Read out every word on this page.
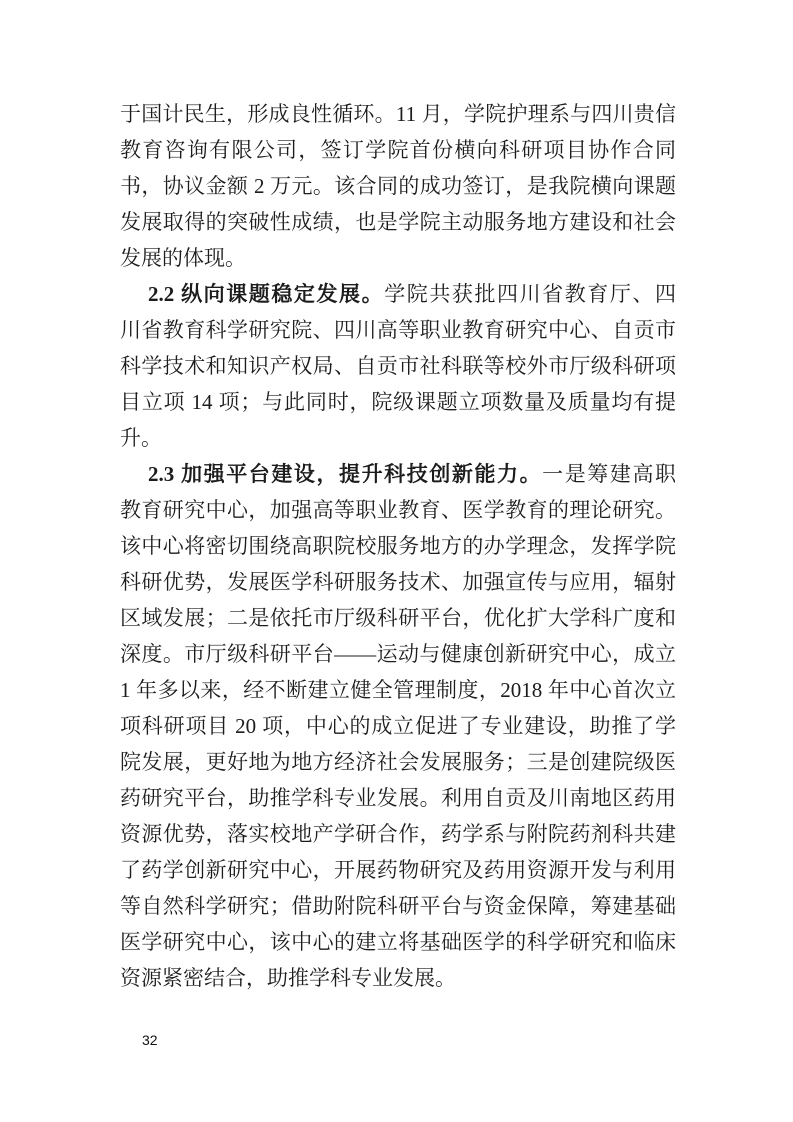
于国计民生，形成良性循环。11 月，学院护理系与四川贵信
教育咨询有限公司，签订学院首份横向科研项目协作合同
书，协议金额 2 万元。该合同的成功签订，是我院横向课题
发展取得的突破性成绩，也是学院主动服务地方建设和社会
发展的体现。
2.2 纵向课题稳定发展。学院共获批四川省教育厅、四
川省教育科学研究院、四川高等职业教育研究中心、自贡市
科学技术和知识产权局、自贡市社科联等校外市厅级科研项
目立项 14 项；与此同时，院级课题立项数量及质量均有提
升。
2.3 加强平台建设，提升科技创新能力。一是筹建高职
教育研究中心，加强高等职业教育、医学教育的理论研究。
该中心将密切围绕高职院校服务地方的办学理念，发挥学院
科研优势，发展医学科研服务技术、加强宣传与应用，辐射
区域发展；二是依托市厅级科研平台，优化扩大学科广度和
深度。市厅级科研平台——运动与健康创新研究中心，成立
1 年多以来，经不断建立健全管理制度，2018 年中心首次立
项科研项目 20 项，中心的成立促进了专业建设，助推了学
院发展，更好地为地方经济社会发展服务；三是创建院级医
药研究平台，助推学科专业发展。利用自贡及川南地区药用
资源优势，落实校地产学研合作，药学系与附院药剂科共建
了药学创新研究中心，开展药物研究及药用资源开发与利用
等自然科学研究；借助附院科研平台与资金保障，筹建基础
医学研究中心，该中心的建立将基础医学的科学研究和临床
资源紧密结合，助推学科专业发展。
32
